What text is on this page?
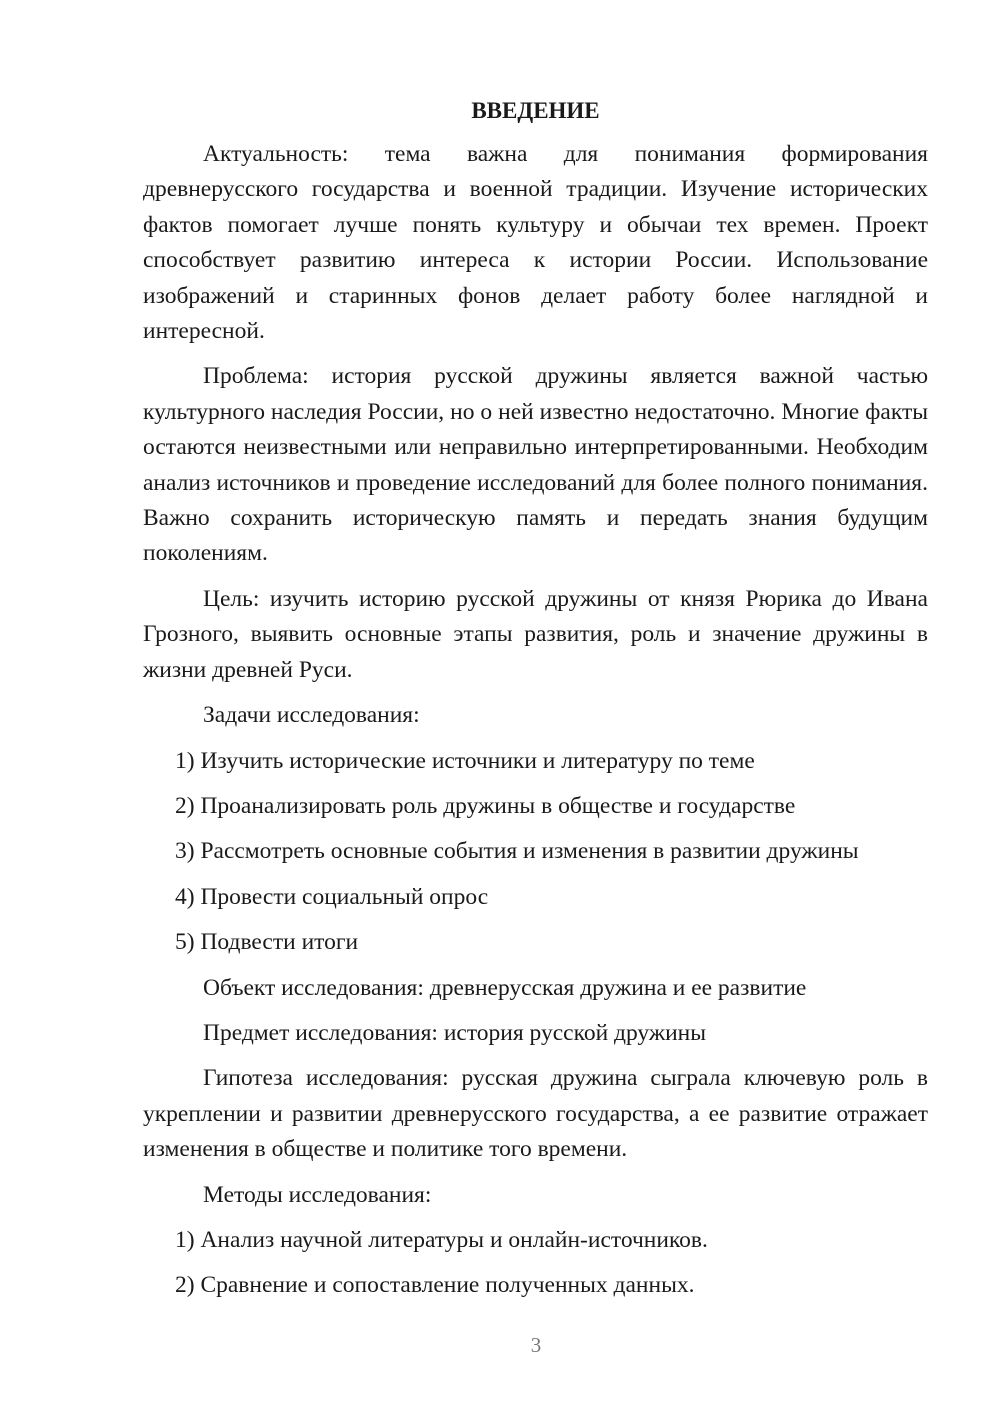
ВВЕДЕНИЕ

Актуальность: тема важна для понимания формирования древнерусского государства и военной традиции. Изучение исторических фактов помогает лучше понять культуру и обычаи тех времен. Проект способствует развитию интереса к истории России. Использование изображений и старинных фонов делает работу более наглядной и интересной.

Проблема: история русской дружины является важной частью культурного наследия России, но о ней известно недостаточно. Многие факты остаются неизвестными или неправильно интерпретированными. Необходим анализ источников и проведение исследований для более полного понимания. Важно сохранить историческую память и передать знания будущим поколениям.

Цель: изучить историю русской дружины от князя Рюрика до Ивана Грозного, выявить основные этапы развития, роль и значение дружины в жизни древней Руси.

Задачи исследования:

1) Изучить исторические источники и литературу по теме

2) Проанализировать роль дружины в обществе и государстве

3) Рассмотреть основные события и изменения в развитии дружины

4) Провести социальный опрос

5) Подвести итоги

Объект исследования: древнерусская дружина и ее развитие

Предмет исследования: история русской дружины

Гипотеза исследования: русская дружина сыграла ключевую роль в укреплении и развитии древнерусского государства, а ее развитие отражает изменения в обществе и политике того времени.

Методы исследования:

1) Анализ научной литературы и онлайн-источников.

2) Сравнение и сопоставление полученных данных.

3
